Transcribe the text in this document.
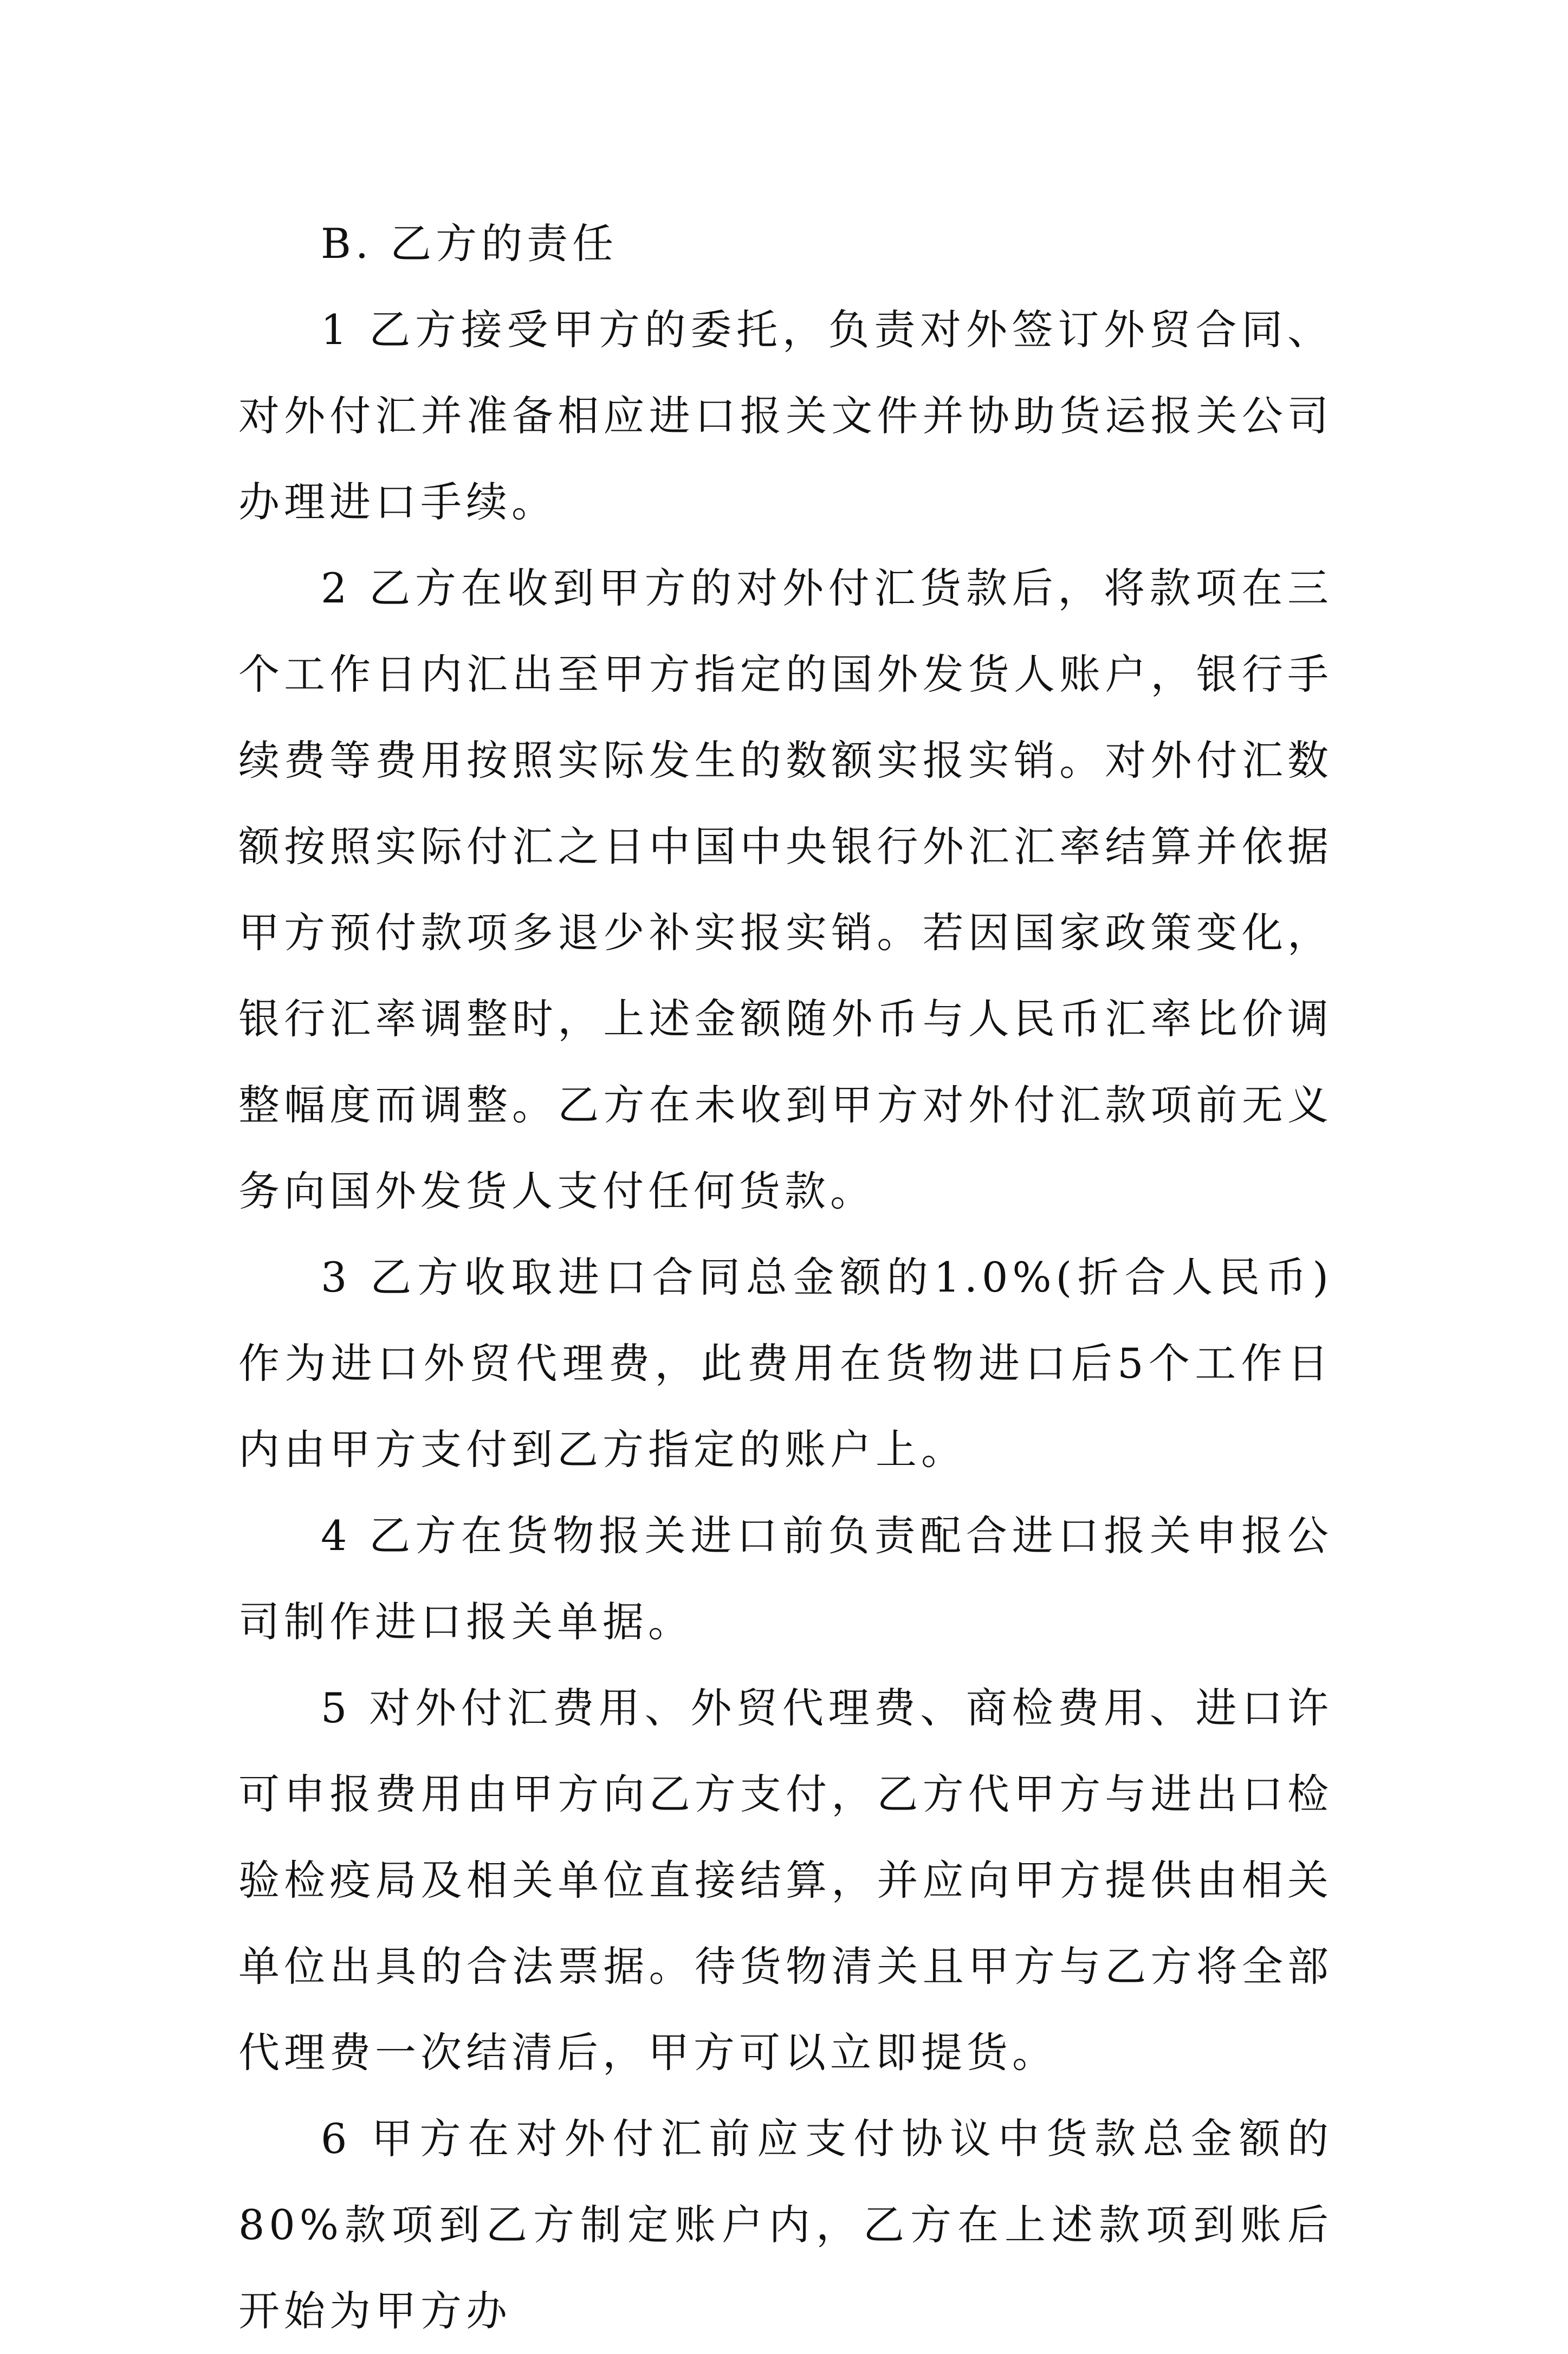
B. 乙方的责任

1 乙方接受甲方的委托，负责对外签订外贸合同、对外付汇并准备相应进口报关文件并协助货运报关公司办理进口手续。

2 乙方在收到甲方的对外付汇货款后，将款项在三个工作日内汇出至甲方指定的国外发货人账户，银行手续费等费用按照实际发生的数额实报实销。对外付汇数额按照实际付汇之日中国中央银行外汇汇率结算并依据甲方预付款项多退少补实报实销。若因国家政策变化，银行汇率调整时，上述金额随外币与人民币汇率比价调整幅度而调整。乙方在未收到甲方对外付汇款项前无义务向国外发货人支付任何货款。

3 乙方收取进口合同总金额的1.0%(折合人民币)作为进口外贸代理费，此费用在货物进口后5个工作日内由甲方支付到乙方指定的账户上。

4 乙方在货物报关进口前负责配合进口报关申报公司制作进口报关单据。

5 对外付汇费用、外贸代理费、商检费用、进口许可申报费用由甲方向乙方支付，乙方代甲方与进出口检验检疫局及相关单位直接结算，并应向甲方提供由相关单位出具的合法票据。待货物清关且甲方与乙方将全部代理费一次结清后，甲方可以立即提货。

6 甲方在对外付汇前应支付协议中货款总金额的80%款项到乙方制定账户内，乙方在上述款项到账后开始为甲方办
